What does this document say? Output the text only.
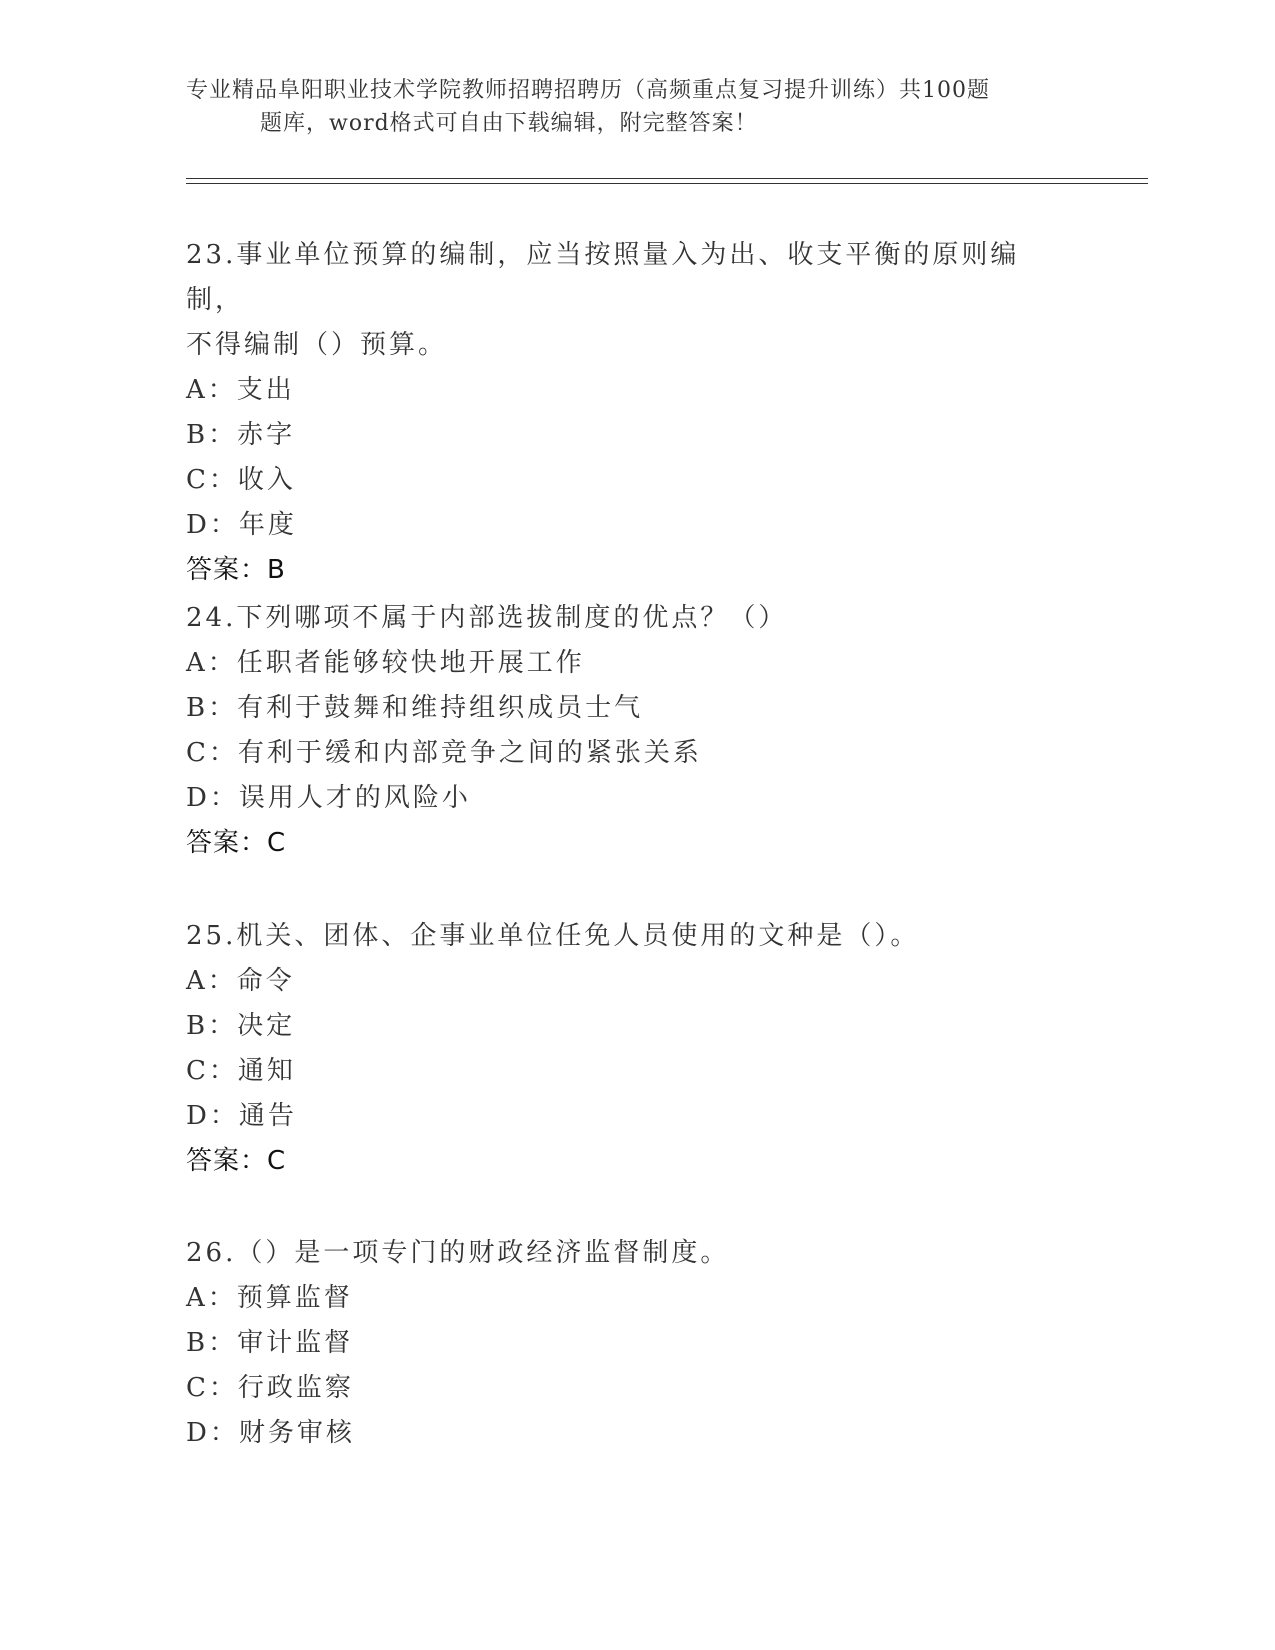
专业精品阜阳职业技术学院教师招聘招聘历（高频重点复习提升训练）共100题
题库，word格式可自由下载编辑，附完整答案！

23.事业单位预算的编制，应当按照量入为出、收支平衡的原则编制，

不得编制（）预算。

A：支出

B：赤字

C：收入

D：年度

答案：B

24.下列哪项不属于内部选拔制度的优点？（）

A：任职者能够较快地开展工作

B：有利于鼓舞和维持组织成员士气

C：有利于缓和内部竞争之间的紧张关系

D：误用人才的风险小

答案：C

25.机关、团体、企事业单位任免人员使用的文种是（）。

A：命令

B：决定

C：通知

D：通告

答案：C

26.（）是一项专门的财政经济监督制度。

A：预算监督

B：审计监督

C：行政监察

D：财务审核
